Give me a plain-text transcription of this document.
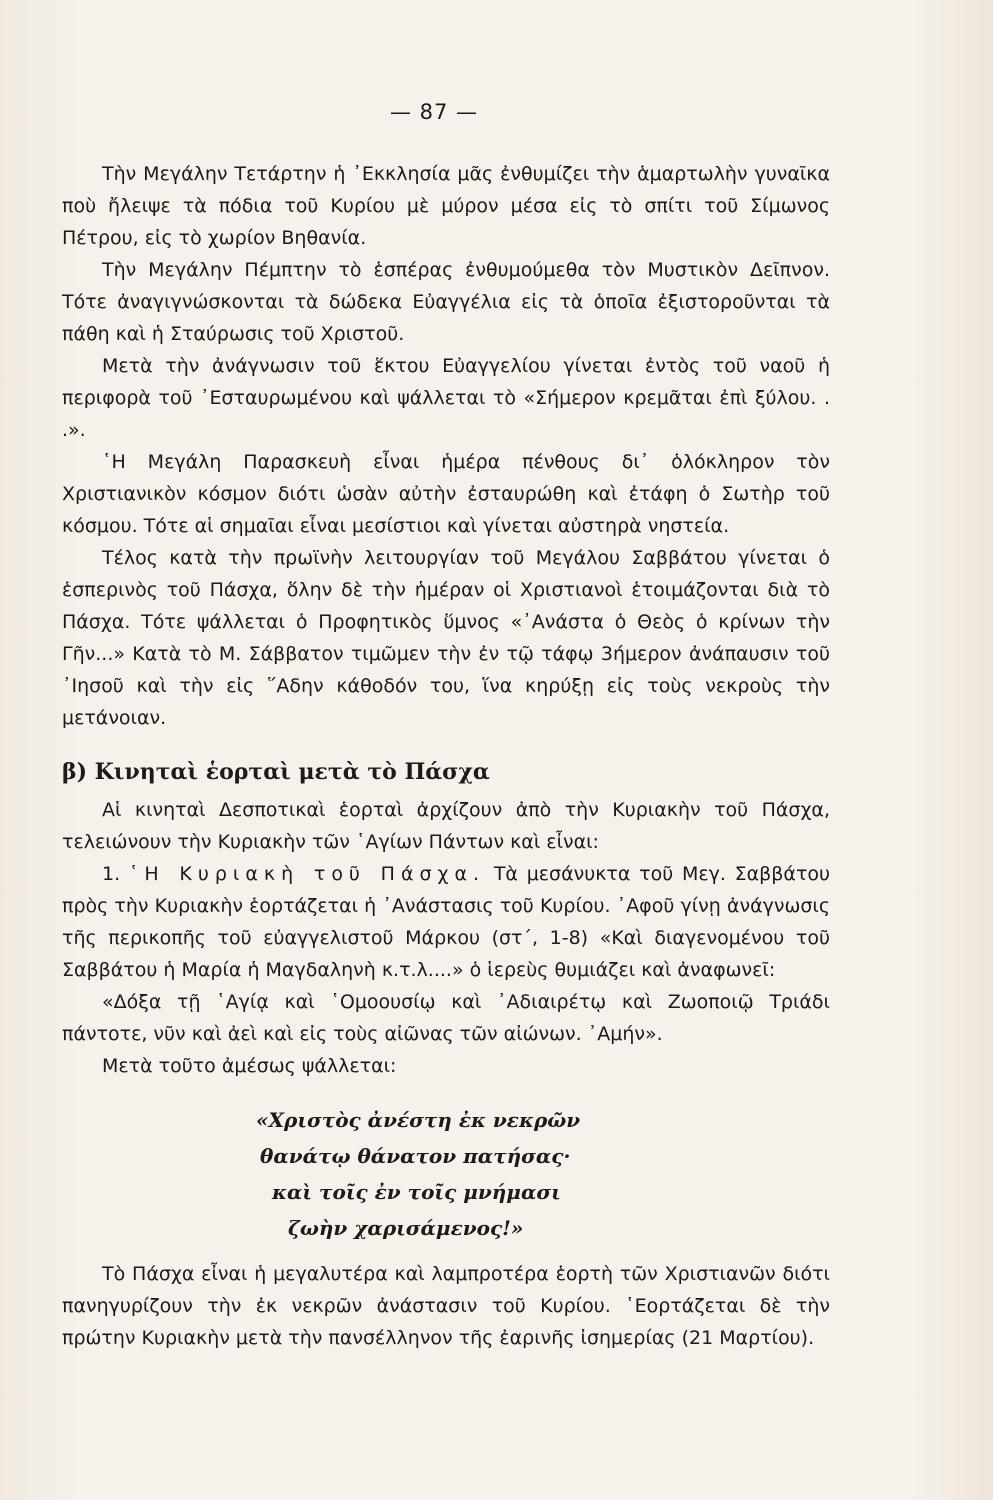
— 87 —

Τὴν Μεγάλην Τετάρτην ἡ ᾿Εκκλησία μᾶς ἐνθυμίζει τὴν ἁμαρτωλὴν γυναῖκα ποὺ ἤλειψε τὰ πόδια τοῦ Κυρίου μὲ μύρον μέσα εἰς τὸ σπίτι τοῦ Σίμωνος Πέτρου, εἰς τὸ χωρίον Βηθανία.

Τὴν Μεγάλην Πέμπτην τὸ ἑσπέρας ἐνθυμούμεθα τὸν Μυστικὸν Δεῖπνον. Τότε ἀναγιγνώσκονται τὰ δώδεκα Εὐαγγέλια εἰς τὰ ὁποῖα ἐξιστοροῦνται τὰ πάθη καὶ ἡ Σταύρωσις τοῦ Χριστοῦ.

Μετὰ τὴν ἀνάγνωσιν τοῦ ἕκτου Εὐαγγελίου γίνεται ἐντὸς τοῦ ναοῦ ἡ περιφορὰ τοῦ ᾿Εσταυρωμένου καὶ ψάλλεται τὸ «Σήμερον κρεμᾶται ἐπὶ ξύλου. . .».

῾Η Μεγάλη Παρασκευὴ εἶναι ἡμέρα πένθους δι᾿ ὁλόκληρον τὸν Χριστιανικὸν κόσμον διότι ὡσὰν αὐτὴν ἐσταυρώθη καὶ ἐτάφη ὁ Σωτὴρ τοῦ κόσμου. Τότε αἱ σημαῖαι εἶναι μεσίστιοι καὶ γίνεται αὐστηρὰ νηστεία.

Τέλος κατὰ τὴν πρωϊνὴν λειτουργίαν τοῦ Μεγάλου Σαββάτου γίνεται ὁ ἑσπερινὸς τοῦ Πάσχα, ὅλην δὲ τὴν ἡμέραν οἱ Χριστιανοὶ ἑτοιμάζονται διὰ τὸ Πάσχα. Τότε ψάλλεται ὁ Προφητικὸς ὕμνος «᾿Ανάστα ὁ Θεὸς ὁ κρίνων τὴν Γῆν...» Κατὰ τὸ Μ. Σάββατον τιμῶμεν τὴν ἐν τῷ τάφῳ 3ήμερον ἀνάπαυσιν τοῦ ᾿Ιησοῦ καὶ τὴν εἰς ῞Αδην κάθοδόν του, ἵνα κηρύξῃ εἰς τοὺς νεκροὺς τὴν μετάνοιαν.

β) Κινηταὶ ἑορταὶ μετὰ τὸ Πάσχα

Αἱ κινηταὶ Δεσποτικαὶ ἑορταὶ ἀρχίζουν ἀπὸ τὴν Κυριακὴν τοῦ Πάσχα, τελειώνουν τὴν Κυριακὴν τῶν ῾Αγίων Πάντων καὶ εἶναι:

1. ῾Η Κυριακὴ τοῦ Πάσχα. Τὰ μεσάνυκτα τοῦ Μεγ. Σαββάτου πρὸς τὴν Κυριακὴν ἑορτάζεται ἡ ᾿Ανάστασις τοῦ Κυρίου. ᾿Αφοῦ γίνῃ ἀνάγνωσις τῆς περικοπῆς τοῦ εὐαγγελιστοῦ Μάρκου (στ΄, 1-8) «Καὶ διαγενομένου τοῦ Σαββάτου ἡ Μαρία ἡ Μαγδαληνὴ κ.τ.λ....» ὁ ἱερεὺς θυμιάζει καὶ ἀναφωνεῖ:

«Δόξα τῇ ῾Αγίᾳ καὶ ῾Ομοουσίῳ καὶ ᾿Αδιαιρέτῳ καὶ Ζωοποιῷ Τριάδι πάντοτε, νῦν καὶ ἀεὶ καὶ εἰς τοὺς αἰῶνας τῶν αἰώνων. ᾿Αμήν».

Μετὰ τοῦτο ἀμέσως ψάλλεται:

«Χριστὸς ἀνέστη ἐκ νεκρῶν
θανάτῳ θάνατον πατήσας·
καὶ τοῖς ἐν τοῖς μνήμασι
ζωὴν χαρισάμενος!»

Τὸ Πάσχα εἶναι ἡ μεγαλυτέρα καὶ λαμπροτέρα ἑορτὴ τῶν Χριστιανῶν διότι πανηγυρίζουν τὴν ἐκ νεκρῶν ἀνάστασιν τοῦ Κυρίου. ῾Εορτάζεται δὲ τὴν πρώτην Κυριακὴν μετὰ τὴν πανσέλληνον τῆς ἐαρινῆς ἰσημερίας (21 Μαρτίου).
